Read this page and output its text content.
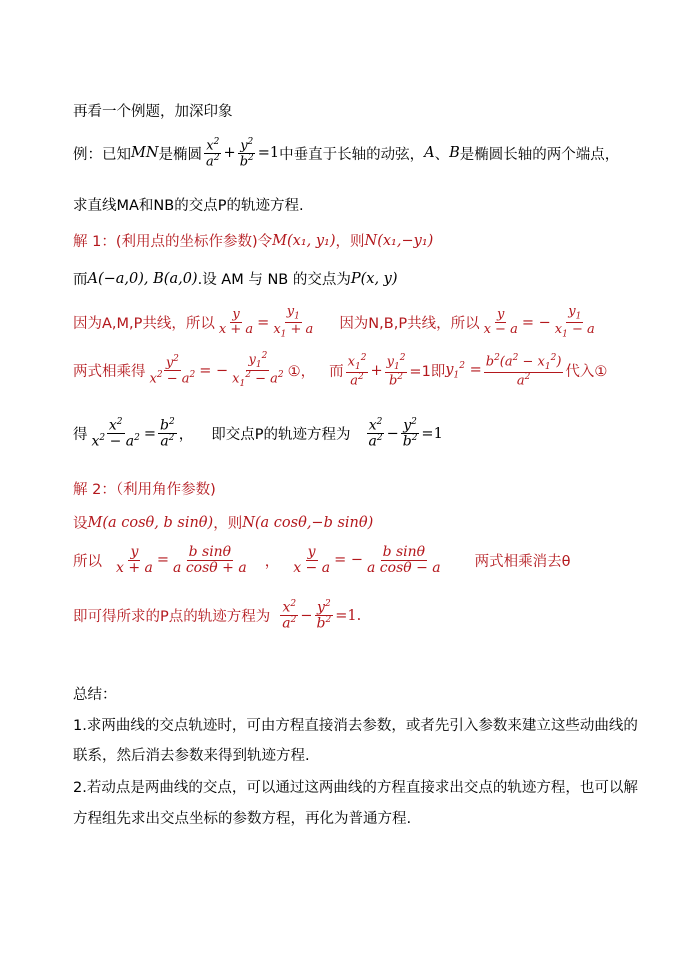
再看一个例题，加深印象
例：已知 MN 是椭圆 $\frac{x^2}{a^2} + \frac{y^2}{b^2} =1$ 中垂直于长轴的动弦， A 、 B 是椭圆长轴的两个端点，
求直线MA和NB的交点P的轨迹方程.
解 1：(利用点的坐标作参数)令 M(x₁, y₁) ，则 N(x₁,−y₁)
而 A(−a,0), B(a,0) .设 AM 与 NB 的交点为 P(x, y)
因为A,M,P共线，所以 $\frac{y}{x + a} = \frac{y_1}{x_1 + a}$ 因为N,B,P共线，所以 $\frac{y}{x - a}$ = − $\frac{y_1}{x_1 - a}$
两式相乘得 $\frac{y^2}{x^2 - a^2}$ = − $\frac{y_1^2}{x_1^2 - a^2}$ ①， 而 $\frac{x_1^2}{a^2} + \frac{y_1^2}{b^2} =1$即 $y_1^2 = \frac{b^2(a^2 - x_1^2)}{a^2}$ 代入①
得 $\frac{x^2}{x^2 - a^2} = \frac{b^2}{a^2}$ ， 即交点P的轨迹方程为 $\frac{x^2}{a^2} - \frac{y^2}{b^2} =1$
解 2：（利用角作参数)
设 M(a cosθ, b sinθ) ，则 N(a cosθ,−b sinθ)
所以 $\frac{y}{x + a} = \frac{\text{b sinθ}}{\text{a cosθ + a}}$ ， $\frac{y}{x - a}$ = − $\frac{\text{b sinθ}}{\text{a cosθ − a}}$ 两式相乘消去θ
即可得所求的P点的轨迹方程为 $\frac{x^2}{a^2} - \frac{y^2}{b^2} =1$.
总结：
1.求两曲线的交点轨迹时，可由方程直接消去参数，或者先引入参数来建立这些动曲线的
联系，然后消去参数来得到轨迹方程.
2.若动点是两曲线的交点，可以通过这两曲线的方程直接求出交点的轨迹方程，也可以解
方程组先求出交点坐标的参数方程，再化为普通方程.
